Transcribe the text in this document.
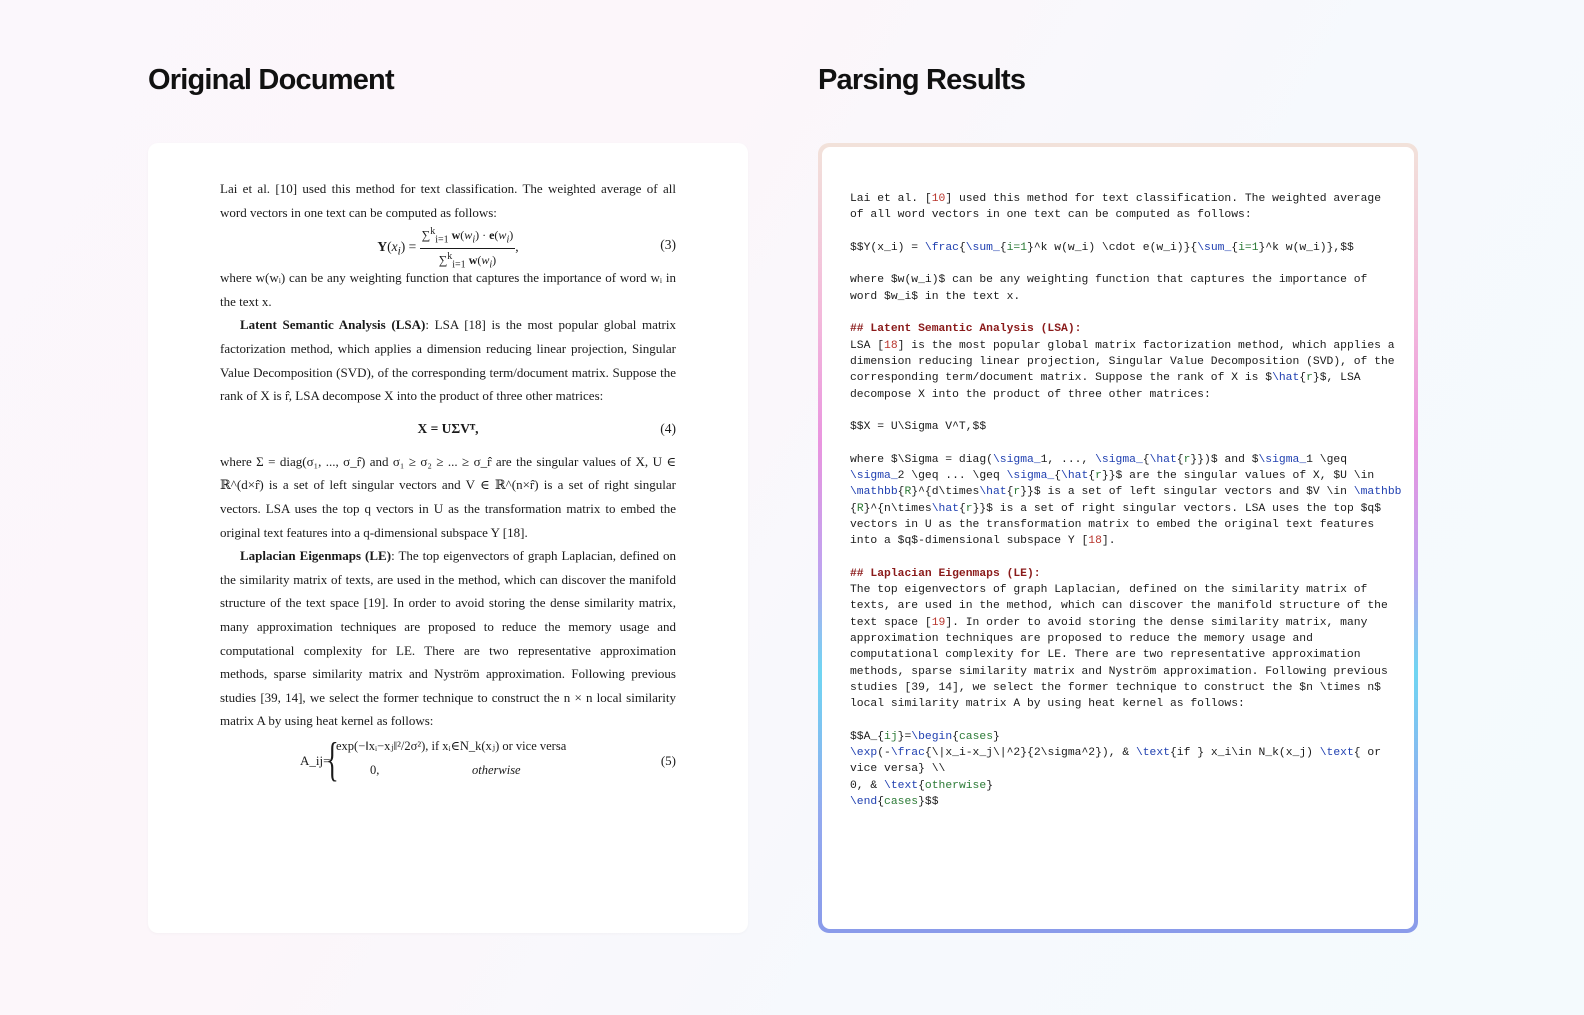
Original Document	Parsing Results

Lai et al. [10] used this method for text classification. The weighted average of all word vectors in one text can be computed as follows:

$Y(x_i) = \frac{\sum^k_{i=1} w(w_i) \cdot e(w_i)}{\sum^k_{i=1} w(w_i)}$ ,	(3)

where w(wᵢ) can be any weighting function that captures the importance of word wᵢ in the text x.

Latent Semantic Analysis (LSA): LSA [18] is the most popular global matrix factorization method, which applies a dimension reducing linear projection, Singular Value Decomposition (SVD), of the corresponding term/document matrix. Suppose the rank of X is r̂, LSA decompose X into the product of three other matrices:

X = UΣVᵀ,	(4)

where Σ = diag(σ₁, ..., σ_r̂) and σ₁ ≥ σ₂ ≥ ... ≥ σ_r̂ are the singular values of X, U ∈ ℝ^(d×r̂) is a set of left singular vectors and V ∈ ℝ^(n×r̂) is a set of right singular vectors. LSA uses the top q vectors in U as the transformation matrix to embed the original text features into a q-dimensional subspace Y [18].

Laplacian Eigenmaps (LE): The top eigenvectors of graph Laplacian, defined on the similarity matrix of texts, are used in the method, which can discover the manifold structure of the text space [19]. In order to avoid storing the dense similarity matrix, many approximation techniques are proposed to reduce the memory usage and computational complexity for LE. There are two representative approximation methods, sparse similarity matrix and Nyström approximation. Following previous studies [39, 14], we select the former technique to construct the n × n local similarity matrix A by using heat kernel as follows:

A_ij=
{
exp(−‖xᵢ−xⱼ‖²/2σ²), if xᵢ∈N_k(xⱼ) or vice versa
0,	otherwise
(5)
Lai et al. [10] used this method for text classification. The weighted average
of all word vectors in one text can be computed as follows:
$$Y(x_i) = \frac{\sum_{i=1}^k w(w_i) \cdot e(w_i)}{\sum_{i=1}^k w(w_i)},$$
where $w(w_i)$ can be any weighting function that captures the importance of
word $w_i$ in the text x.
## Latent Semantic Analysis (LSA):
LSA [18] is the most popular global matrix factorization method, which applies a
dimension reducing linear projection, Singular Value Decomposition (SVD), of the
corresponding term/document matrix. Suppose the rank of X is $\hat{r}$, LSA
decompose X into the product of three other matrices:
$$X = U\Sigma V^T,$$
where $\Sigma = diag(\sigma_1, ..., \sigma_{\hat{r}})$ and $\sigma_1 \geq
\sigma_2 \geq ... \geq \sigma_{\hat{r}}$ are the singular values of X, $U \in
\mathbb{R}^{d\times\hat{r}}$ is a set of left singular vectors and $V \in \mathbb
{R}^{n\times\hat{r}}$ is a set of right singular vectors. LSA uses the top $q$
vectors in U as the transformation matrix to embed the original text features
into a $q$-dimensional subspace Y [18].
## Laplacian Eigenmaps (LE):
The top eigenvectors of graph Laplacian, defined on the similarity matrix of
texts, are used in the method, which can discover the manifold structure of the
text space [19]. In order to avoid storing the dense similarity matrix, many
approximation techniques are proposed to reduce the memory usage and
computational complexity for LE. There are two representative approximation
methods, sparse similarity matrix and Nyström approximation. Following previous
studies [39, 14], we select the former technique to construct the $n \times n$
local similarity matrix A by using heat kernel as follows:
$$A_{ij}=\begin{cases}
\exp(-\frac{\|x_i-x_j\|^2}{2\sigma^2}), & \text{if } x_i\in N_k(x_j) \text{ or
vice versa} \\
0, & \text{otherwise}
\end{cases}$$
